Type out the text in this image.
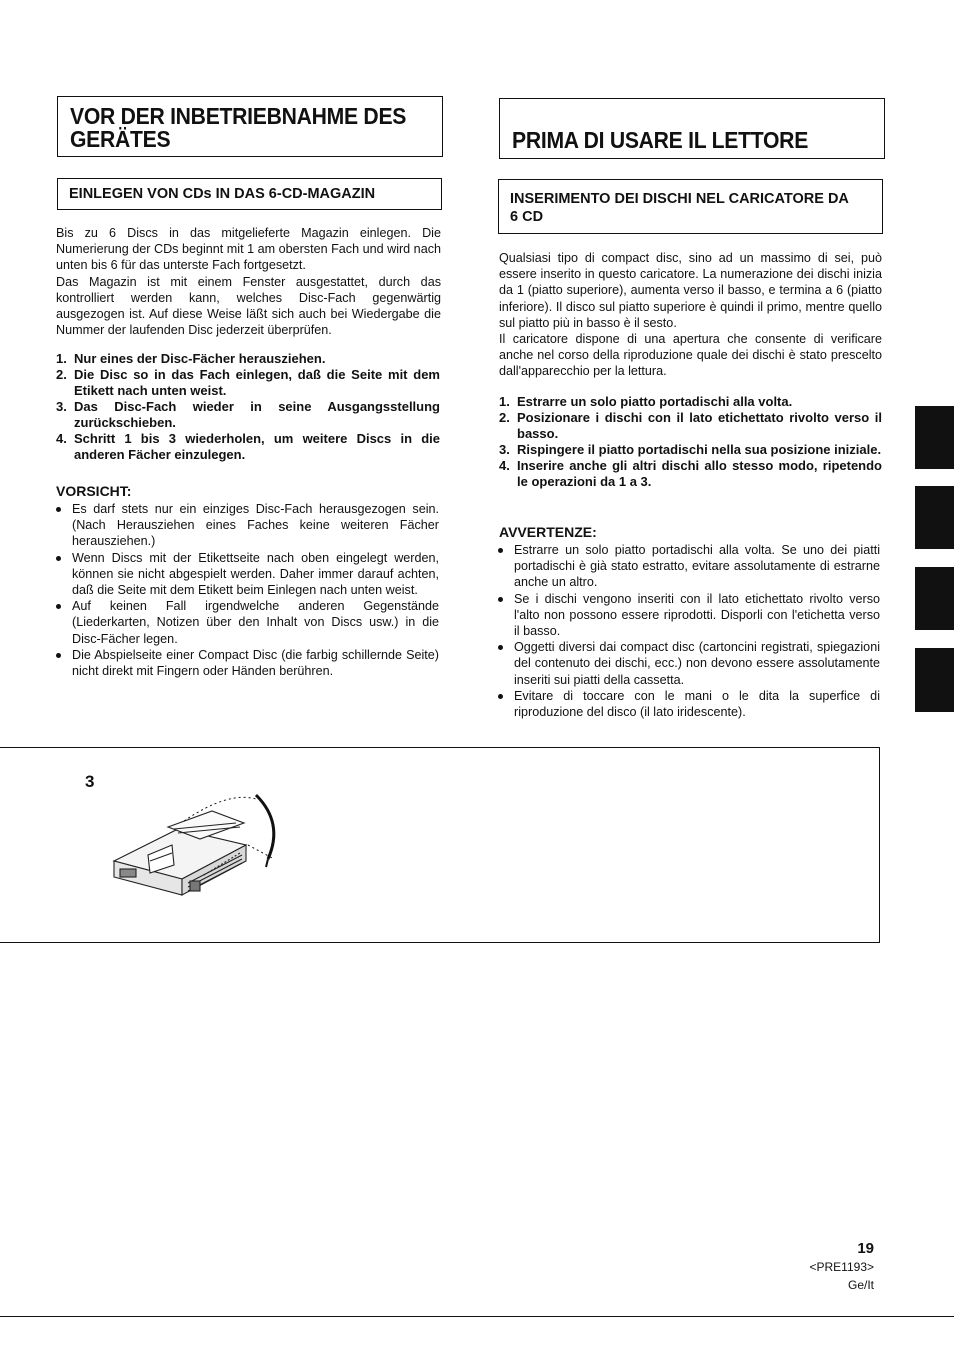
VOR DER INBETRIEBNAHME DES GERÄTES
EINLEGEN VON CDs IN DAS 6-CD-MAGAZIN
Bis zu 6 Discs in das mitgelieferte Magazin einlegen. Die Numerierung der CDs beginnt mit 1 am obersten Fach und wird nach unten bis 6 für das unterste Fach fortgesetzt.
Das Magazin ist mit einem Fenster ausgestattet, durch das kontrolliert werden kann, welches Disc-Fach gegenwärtig ausgezogen ist. Auf diese Weise läßt sich auch bei Wiedergabe die Nummer der laufenden Disc jederzeit überprüfen.
1. Nur eines der Disc-Fächer herausziehen.
2. Die Disc so in das Fach einlegen, daß die Seite mit dem Etikett nach unten weist.
3. Das Disc-Fach wieder in seine Ausgangsstellung zurückschieben.
4. Schritt 1 bis 3 wiederholen, um weitere Discs in die anderen Fächer einzulegen.
VORSICHT:
Es darf stets nur ein einziges Disc-Fach herausgezogen sein. (Nach Herausziehen eines Faches keine weiteren Fächer herausziehen.)
Wenn Discs mit der Etikettseite nach oben eingelegt werden, können sie nicht abgespielt werden. Daher immer darauf achten, daß die Seite mit dem Etikett beim Einlegen nach unten weist.
Auf keinen Fall irgendwelche anderen Gegenstände (Liederkarten, Notizen über den Inhalt von Discs usw.) in die Disc-Fächer legen.
Die Abspielseite einer Compact Disc (die farbig schillernde Seite) nicht direkt mit Fingern oder Händen berühren.
PRIMA DI USARE IL LETTORE
INSERIMENTO DEI DISCHI NEL CARICATORE DA 6 CD
Qualsiasi tipo di compact disc, sino ad un massimo di sei, può essere inserito in questo caricatore. La numerazione dei dischi inizia da 1 (piatto superiore), aumenta verso il basso, e termina a 6 (piatto inferiore). Il disco sul piatto superiore è quindi il primo, mentre quello sul piatto più in basso è il sesto.
Il caricatore dispone di una apertura che consente di verificare anche nel corso della riproduzione quale dei dischi è stato prescelto dall'apparecchio per la lettura.
1. Estrarre un solo piatto portadischi alla volta.
2. Posizionare i dischi con il lato etichettato rivolto verso il basso.
3. Rispingere il piatto portadischi nella sua posizione iniziale.
4. Inserire anche gli altri dischi allo stesso modo, ripetendo le operazioni da 1 a 3.
AVVERTENZE:
Estrarre un solo piatto portadischi alla volta. Se uno dei piatti portadischi è già stato estratto, evitare assolutamente di estrarne anche un altro.
Se i dischi vengono inseriti con il lato etichettato rivolto verso l'alto non possono essere riprodotti. Disporli con l'etichetta verso il basso.
Oggetti diversi dai compact disc (cartoncini registrati, spiegazioni del contenuto dei dischi, ecc.) non devono essere assolutamente inseriti sui piatti della cassetta.
Evitare di toccare con le mani o le dita la superfice di riproduzione del disco (il lato iridescente).
3
19
<PRE1193>
Ge/It
